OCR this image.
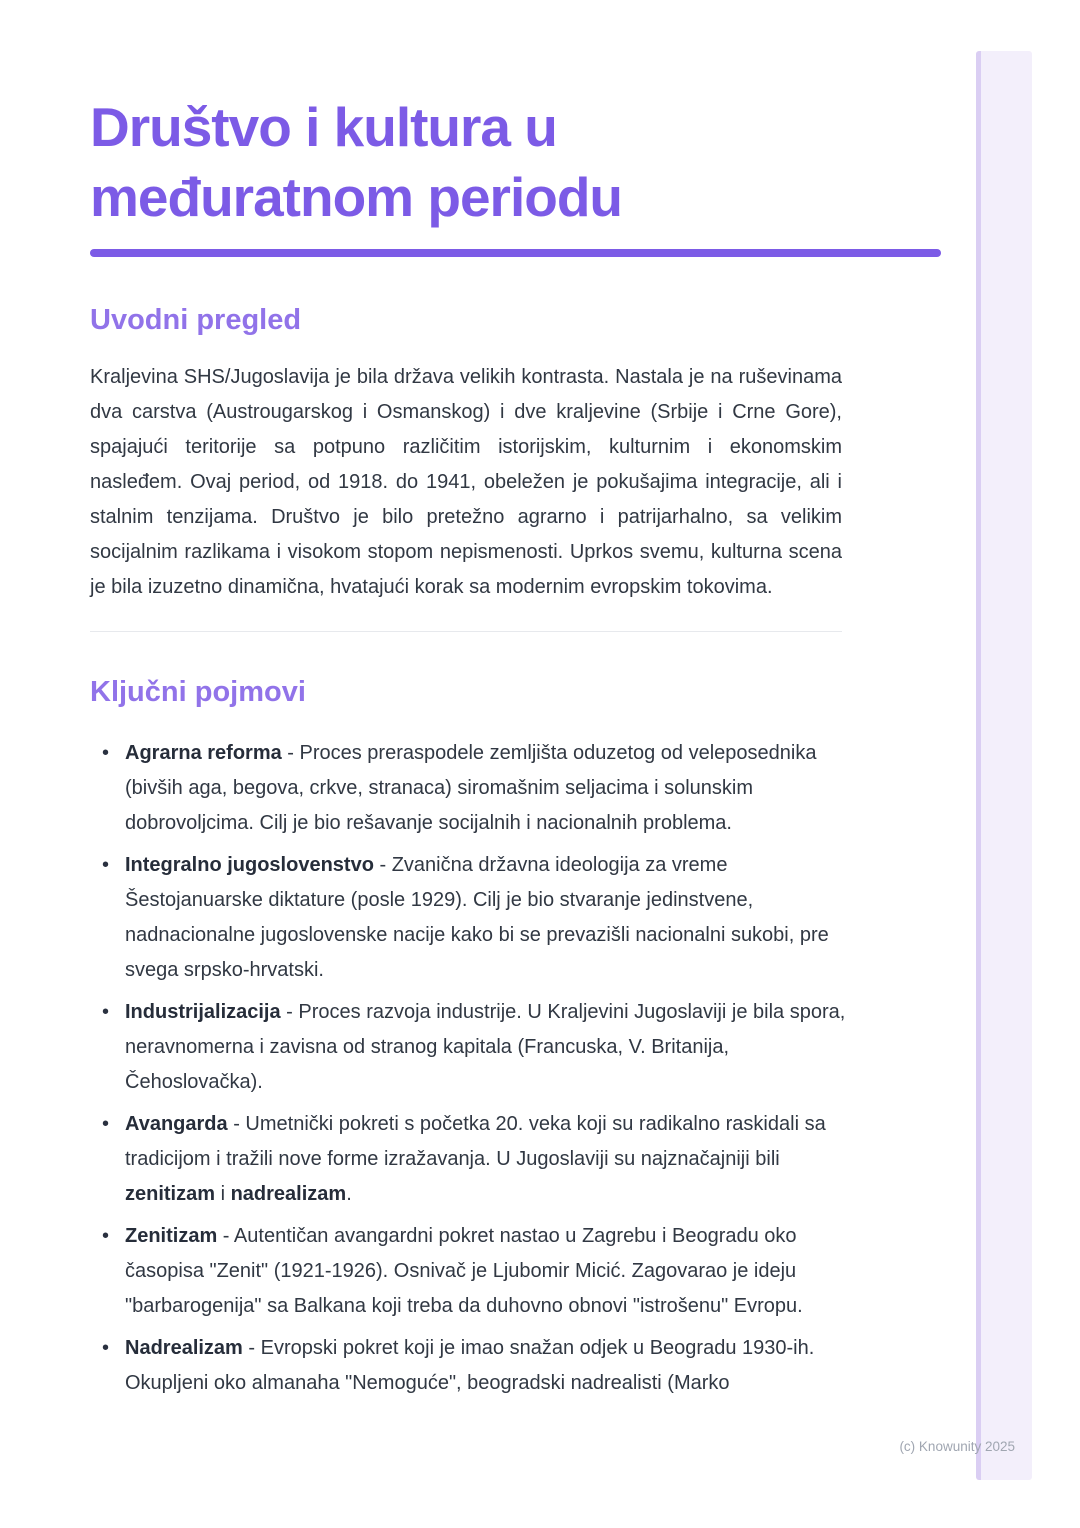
(c) Knowunity 2025
Društvo i kultura u
međuratnom periodu
Uvodni pregled

Kraljevina SHS/Jugoslavija je bila država velikih kontrasta. Nastala je na ruševinama dva carstva (Austrougarskog i Osmanskog) i dve kraljevine (Srbije i Crne Gore), spajajući teritorije sa potpuno različitim istorijskim, kulturnim i ekonomskim nasleđem. Ovaj period, od 1918. do 1941, obeležen je pokušajima integracije, ali i stalnim tenzijama. Društvo je bilo pretežno agrarno i patrijarhalno, sa velikim socijalnim razlikama i visokom stopom nepismenosti. Uprkos svemu, kulturna scena je bila izuzetno dinamična, hvatajući korak sa modernim evropskim tokovima.

Ključni pojmovi
• Agrarna reforma - Proces preraspodele zemljišta oduzetog od veleposednika (bivših aga, begova, crkve, stranaca) siromašnim seljacima i solunskim dobrovoljcima. Cilj je bio rešavanje socijalnih i nacionalnih problema.
• Integralno jugoslovenstvo - Zvanična državna ideologija za vreme Šestojanuarske diktature (posle 1929). Cilj je bio stvaranje jedinstvene, nadnacionalne jugoslovenske nacije kako bi se prevazišli nacionalni sukobi, pre svega srpsko-hrvatski.
• Industrijalizacija - Proces razvoja industrije. U Kraljevini Jugoslaviji je bila spora, neravnomerna i zavisna od stranog kapitala (Francuska, V. Britanija, Čehoslovačka).
• Avangarda - Umetnički pokreti s početka 20. veka koji su radikalno raskidali sa tradicijom i tražili nove forme izražavanja. U Jugoslaviji su najznačajniji bili zenitizam i nadrealizam.
• Zenitizam - Autentičan avangardni pokret nastao u Zagrebu i Beogradu oko časopisa "Zenit" (1921-1926). Osnivač je Ljubomir Micić. Zagovarao je ideju "barbarogenija" sa Balkana koji treba da duhovno obnovi "istrošenu" Evropu.
• Nadrealizam - Evropski pokret koji je imao snažan odjek u Beogradu 1930-ih. Okupljeni oko almanaha "Nemoguće", beogradski nadrealisti (Marko
